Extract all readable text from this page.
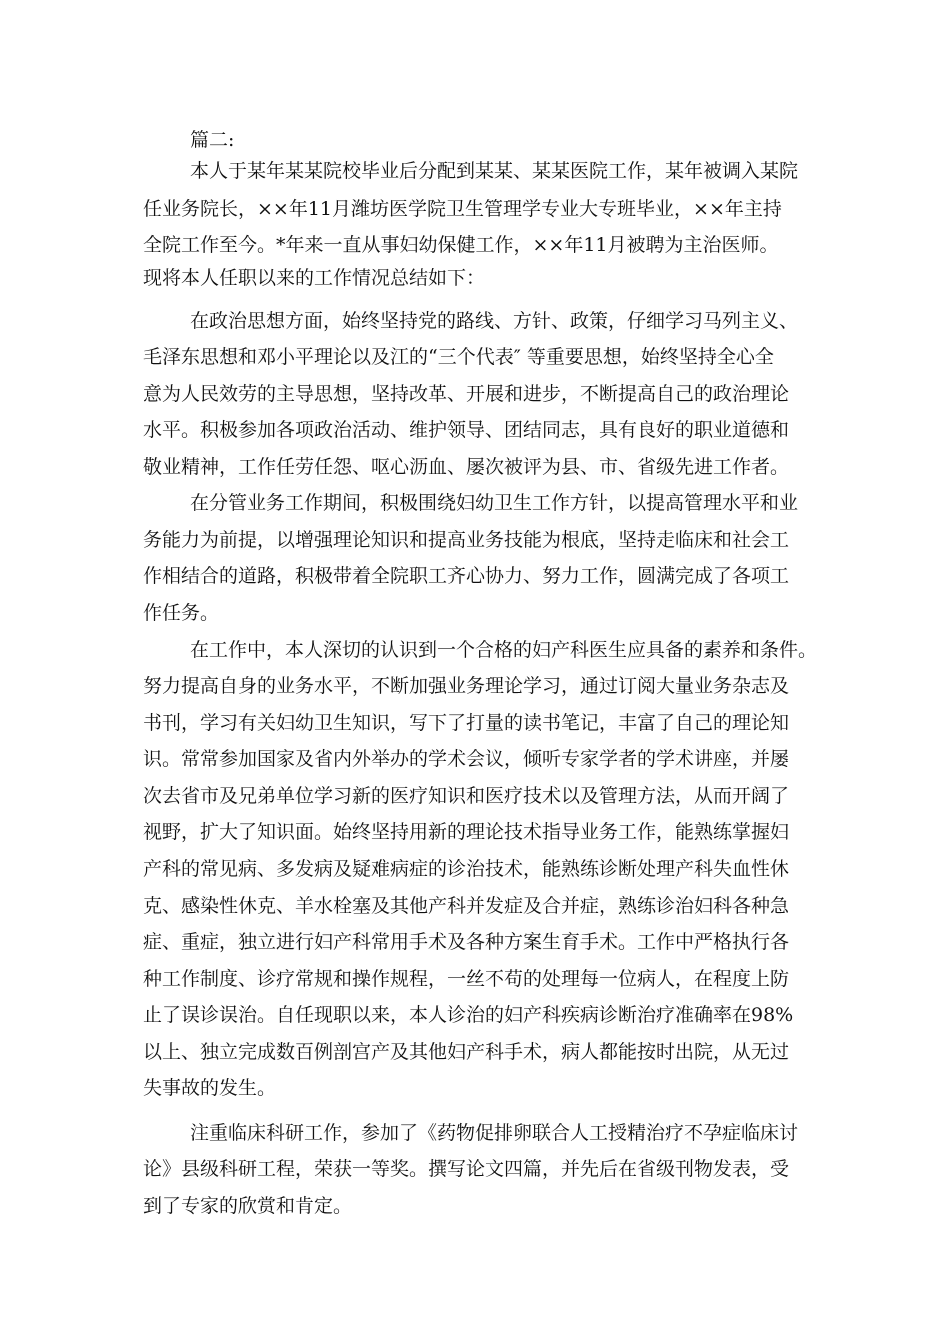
篇二:
本人于某年某某院校毕业后分配到某某、某某医院工作，某年被调入某院
任业务院长，××年11月潍坊医学院卫生管理学专业大专班毕业，××年主持
全院工作至今。*年来一直从事妇幼保健工作，××年11月被聘为主治医师。
现将本人任职以来的工作情况总结如下：
在政治思想方面，始终坚持党的路线、方针、政策，仔细学习马列主义、
毛泽东思想和邓小平理论以及江的“三个代表″ 等重要思想，始终坚持全心全
意为人民效劳的主导思想，坚持改革、开展和进步，不断提高自己的政治理论
水平。积极参加各项政治活动、维护领导、团结同志，具有良好的职业道德和
敬业精神，工作任劳任怨、呕心沥血、屡次被评为县、市、省级先进工作者。
在分管业务工作期间，积极围绕妇幼卫生工作方针，以提高管理水平和业
务能力为前提，以增强理论知识和提高业务技能为根底，坚持走临床和社会工
作相结合的道路，积极带着全院职工齐心协力、努力工作，圆满完成了各项工
作任务。
在工作中，本人深切的认识到一个合格的妇产科医生应具备的素养和条件。
努力提高自身的业务水平，不断加强业务理论学习，通过订阅大量业务杂志及
书刊，学习有关妇幼卫生知识，写下了打量的读书笔记，丰富了自己的理论知
识。常常参加国家及省内外举办的学术会议，倾听专家学者的学术讲座，并屡
次去省市及兄弟单位学习新的医疗知识和医疗技术以及管理方法，从而开阔了
视野，扩大了知识面。始终坚持用新的理论技术指导业务工作，能熟练掌握妇
产科的常见病、多发病及疑难病症的诊治技术，能熟练诊断处理产科失血性休
克、感染性休克、羊水栓塞及其他产科并发症及合并症，熟练诊治妇科各种急
症、重症，独立进行妇产科常用手术及各种方案生育手术。工作中严格执行各
种工作制度、诊疗常规和操作规程，一丝不苟的处理每一位病人，在程度上防
止了误诊误治。自任现职以来，本人诊治的妇产科疾病诊断治疗准确率在98%
以上、独立完成数百例剖宫产及其他妇产科手术，病人都能按时出院，从无过
失事故的发生。
注重临床科研工作，参加了《药物促排卵联合人工授精治疗不孕症临床讨
论》县级科研工程，荣获一等奖。撰写论文四篇，并先后在省级刊物发表，受
到了专家的欣赏和肯定。
